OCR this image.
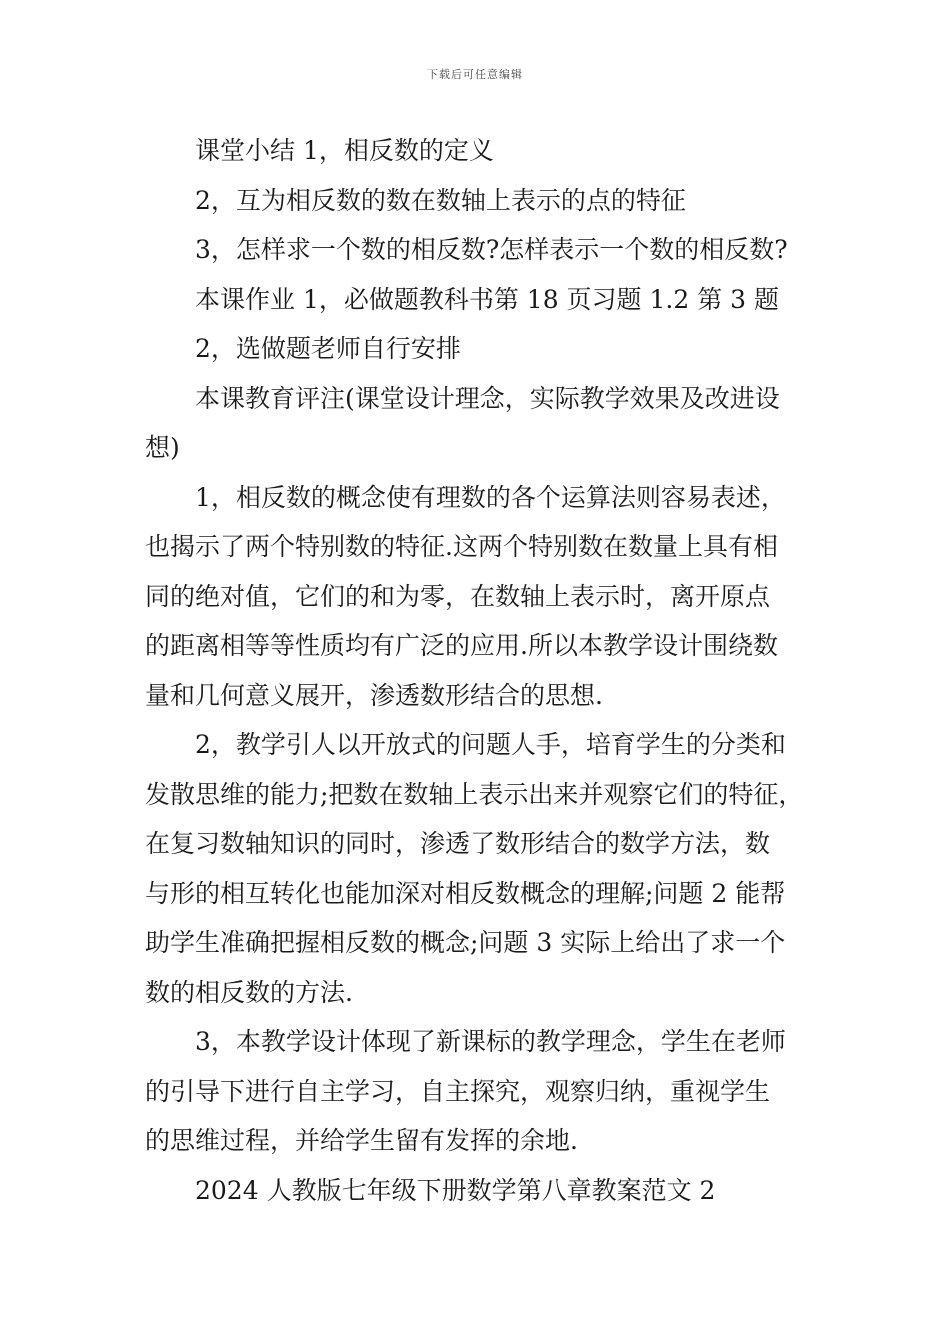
下载后可任意编辑

课堂小结 1，相反数的定义

2，互为相反数的数在数轴上表示的点的特征

3，怎样求一个数的相反数?怎样表示一个数的相反数?

本课作业 1，必做题教科书第 18 页习题 1.2 第 3 题

2，选做题老师自行安排

本课教育评注(课堂设计理念，实际教学效果及改进设

想)

1，相反数的概念使有理数的各个运算法则容易表述，

也揭示了两个特别数的特征.这两个特别数在数量上具有相

同的绝对值，它们的和为零，在数轴上表示时，离开原点

的距离相等等性质均有广泛的应用.所以本教学设计围绕数

量和几何意义展开，渗透数形结合的思想.

2，教学引人以开放式的问题人手，培育学生的分类和

发散思维的能力;把数在数轴上表示出来并观察它们的特征，

在复习数轴知识的同时，渗透了数形结合的数学方法，数

与形的相互转化也能加深对相反数概念的理解;问题 2 能帮

助学生准确把握相反数的概念;问题 3 实际上给出了求一个

数的相反数的方法.

3，本教学设计体现了新课标的教学理念，学生在老师

的引导下进行自主学习，自主探究，观察归纳，重视学生

的思维过程，并给学生留有发挥的余地.

2024 人教版七年级下册数学第八章教案范文 2
